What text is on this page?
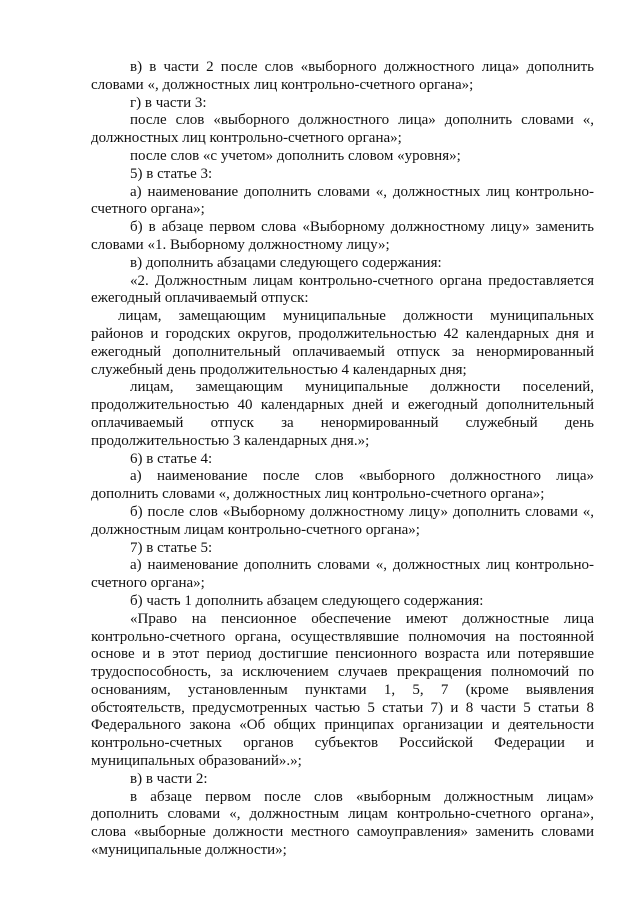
в) в части 2 после слов «выборного должностного лица» дополнить словами «, должностных лиц контрольно-счетного органа»;

г) в части 3:

после слов «выборного должностного лица» дополнить словами «, должностных лиц контрольно-счетного органа»;

после слов «с учетом» дополнить словом «уровня»;

5) в статье 3:

а) наименование дополнить словами «, должностных лиц контрольно-счетного органа»;

б) в абзаце первом слова «Выборному должностному лицу» заменить словами «1. Выборному должностному лицу»;

в) дополнить абзацами следующего содержания:

«2. Должностным лицам контрольно-счетного органа предоставляется ежегодный оплачиваемый отпуск:

лицам, замещающим муниципальные должности муниципальных районов и городских округов, продолжительностью 42 календарных дня и ежегодный дополнительный оплачиваемый отпуск за ненормированный служебный день продолжительностью 4 календарных дня;

лицам, замещающим муниципальные должности поселений, продолжительностью 40 календарных дней и ежегодный дополнительный оплачиваемый отпуск за ненормированный служебный день продолжительностью 3 календарных дня.»;

6) в статье 4:

а) наименование после слов «выборного должностного лица» дополнить словами «, должностных лиц контрольно-счетного органа»;

б) после слов «Выборному должностному лицу» дополнить словами «, должностным лицам контрольно-счетного органа»;

7) в статье 5:

а) наименование дополнить словами «, должностных лиц контрольно-счетного органа»;

б) часть 1 дополнить абзацем следующего содержания:

«Право на пенсионное обеспечение имеют должностные лица контрольно-счетного органа, осуществлявшие полномочия на постоянной основе и в этот период достигшие пенсионного возраста или потерявшие трудоспособность, за исключением случаев прекращения полномочий по основаниям, установленным пунктами 1, 5, 7 (кроме выявления обстоятельств, предусмотренных частью 5 статьи 7) и 8 части 5 статьи 8 Федерального закона «Об общих принципах организации и деятельности контрольно-счетных органов субъектов Российской Федерации и муниципальных образований».»;

в) в части 2:

в абзаце первом после слов «выборным должностным лицам» дополнить словами «, должностным лицам контрольно-счетного органа», слова «выборные должности местного самоуправления» заменить словами «муниципальные должности»;
